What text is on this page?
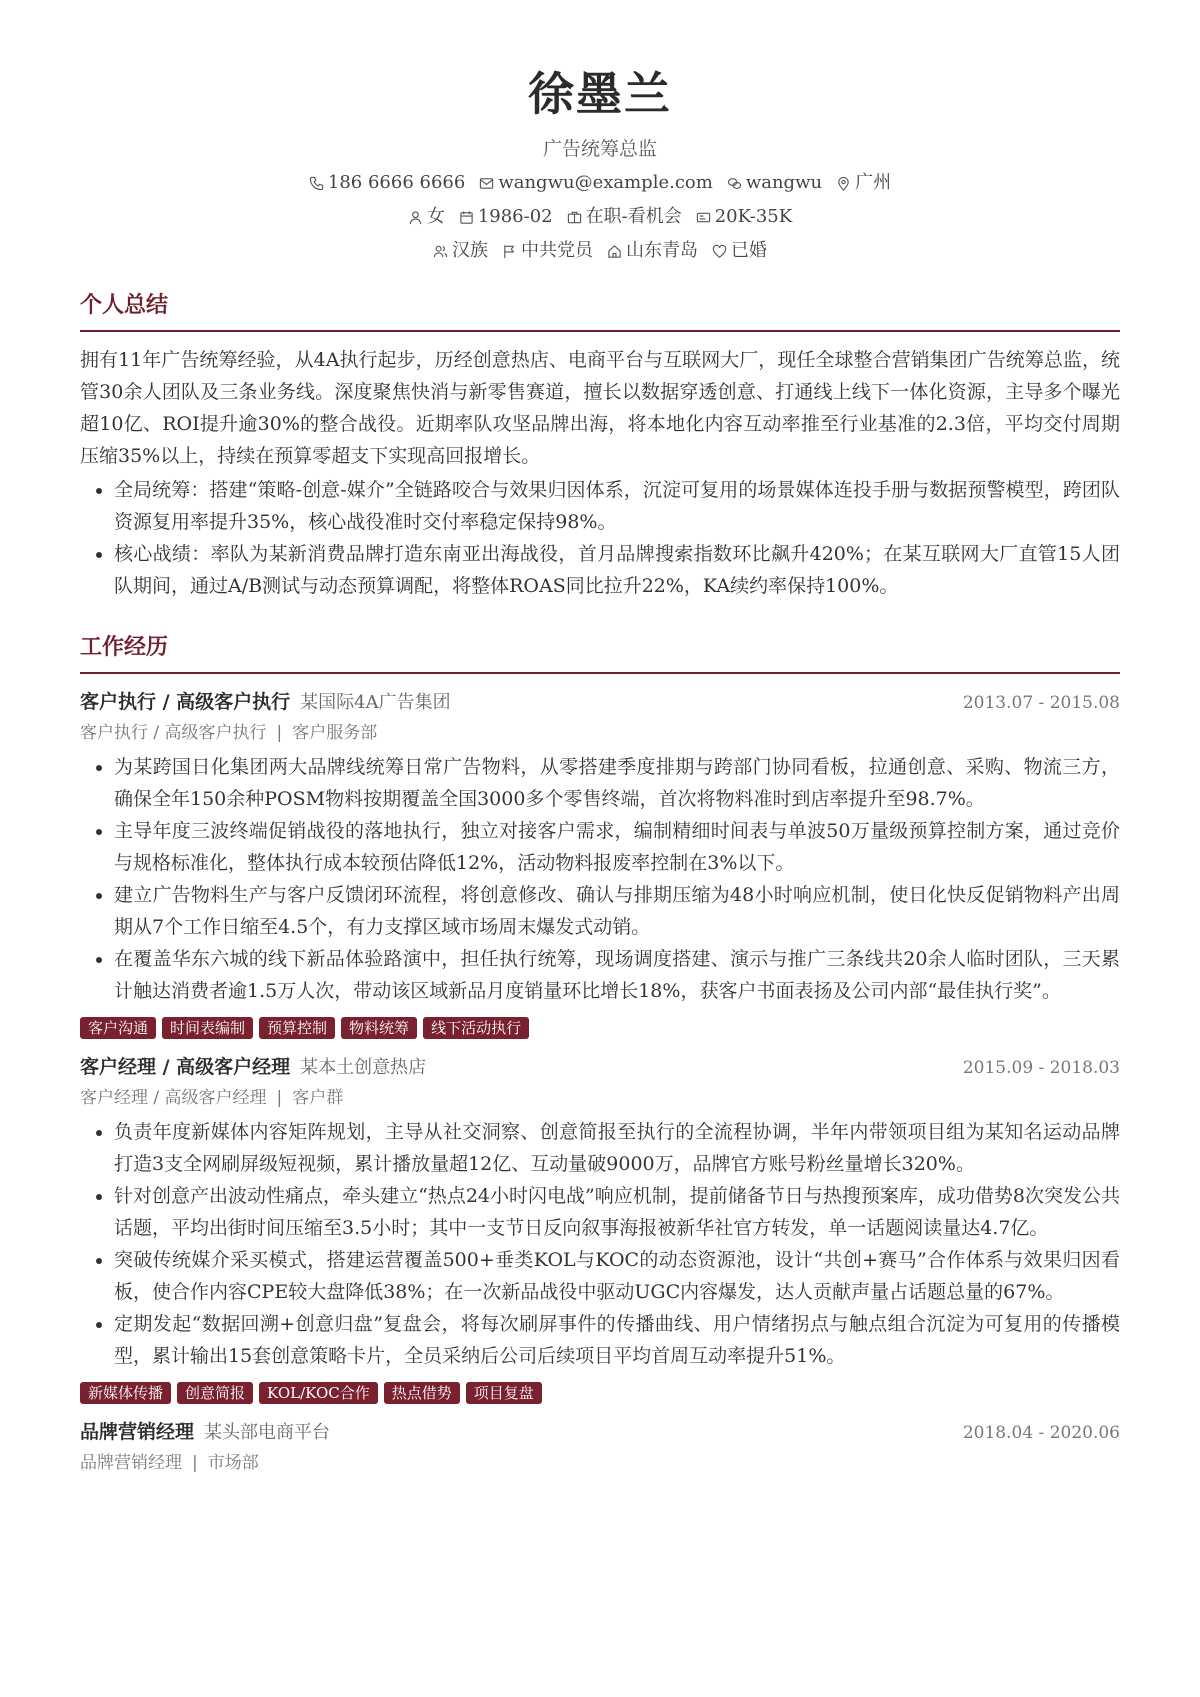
徐墨兰
广告统筹总监
186 6666 6666 wangwu@example.com wangwu 广州
女 1986-02 在职-看机会 20K-35K
汉族 中共党员 山东青岛 已婚
个人总结
拥有11年广告统筹经验，从4A执行起步，历经创意热店、电商平台与互联网大厂，现任全球整合营销集团广告统筹总监，统管30余人团队及三条业务线。深度聚焦快消与新零售赛道，擅长以数据穿透创意、打通线上线下一体化资源，主导多个曝光超10亿、ROI提升逾30%的整合战役。近期率队攻坚品牌出海，将本地化内容互动率推至行业基准的2.3倍，平均交付周期压缩35%以上，持续在预算零超支下实现高回报增长。
• 全局统筹：搭建“策略-创意-媒介”全链路咬合与效果归因体系，沉淀可复用的场景媒体连投手册与数据预警模型，跨团队资源复用率提升35%，核心战役准时交付率稳定保持98%。
• 核心战绩：率队为某新消费品牌打造东南亚出海战役，首月品牌搜索指数环比飙升420%；在某互联网大厂直管15人团队期间，通过A/B测试与动态预算调配，将整体ROAS同比拉升22%，KA续约率保持100%。
工作经历
客户执行 / 高级客户执行 某国际4A广告集团	2013.07 - 2015.08
客户执行 / 高级客户执行 | 客户服务部
• 为某跨国日化集团两大品牌线统筹日常广告物料，从零搭建季度排期与跨部门协同看板，拉通创意、采购、物流三方，确保全年150余种POSM物料按期覆盖全国3000多个零售终端，首次将物料准时到店率提升至98.7%。
• 主导年度三波终端促销战役的落地执行，独立对接客户需求，编制精细时间表与单波50万量级预算控制方案，通过竞价与规格标准化，整体执行成本较预估降低12%，活动物料报废率控制在3%以下。
• 建立广告物料生产与客户反馈闭环流程，将创意修改、确认与排期压缩为48小时响应机制，使日化快反促销物料产出周期从7个工作日缩至4.5个，有力支撑区域市场周末爆发式动销。
• 在覆盖华东六城的线下新品体验路演中，担任执行统筹，现场调度搭建、演示与推广三条线共20余人临时团队，三天累计触达消费者逾1.5万人次，带动该区域新品月度销量环比增长18%，获客户书面表扬及公司内部“最佳执行奖”。
客户沟通	时间表编制	预算控制	物料统筹	线下活动执行
客户经理 / 高级客户经理 某本土创意热店	2015.09 - 2018.03
客户经理 / 高级客户经理 | 客户群
• 负责年度新媒体内容矩阵规划，主导从社交洞察、创意简报至执行的全流程协调，半年内带领项目组为某知名运动品牌打造3支全网刷屏级短视频，累计播放量超12亿、互动量破9000万，品牌官方账号粉丝量增长320%。
• 针对创意产出波动性痛点，牵头建立“热点24小时闪电战”响应机制，提前储备节日与热搜预案库，成功借势8次突发公共话题，平均出街时间压缩至3.5小时；其中一支节日反向叙事海报被新华社官方转发，单一话题阅读量达4.7亿。
• 突破传统媒介采买模式，搭建运营覆盖500+垂类KOL与KOC的动态资源池，设计“共创+赛马”合作体系与效果归因看板，使合作内容CPE较大盘降低38%；在一次新品战役中驱动UGC内容爆发，达人贡献声量占话题总量的67%。
• 定期发起“数据回溯+创意归盘”复盘会，将每次刷屏事件的传播曲线、用户情绪拐点与触点组合沉淀为可复用的传播模型，累计输出15套创意策略卡片，全员采纳后公司后续项目平均首周互动率提升51%。
新媒体传播	创意简报	KOL/KOC合作	热点借势	项目复盘
品牌营销经理 某头部电商平台	2018.04 - 2020.06
品牌营销经理 | 市场部
